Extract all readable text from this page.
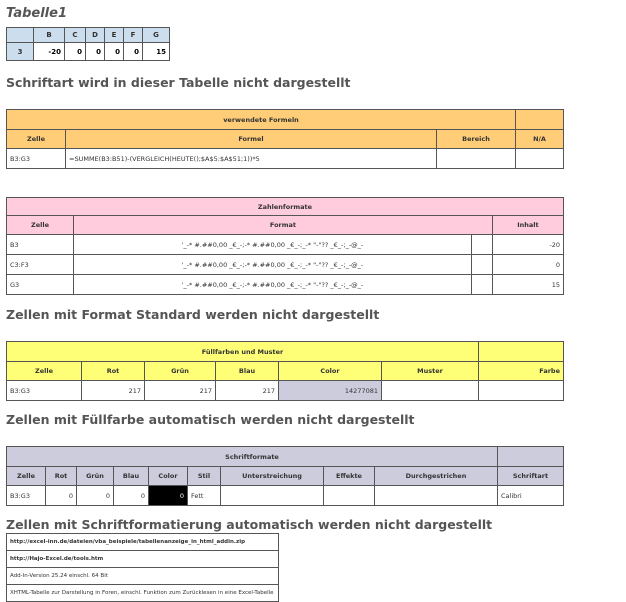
Tabelle1
	B	C	D	E	F	G
3	-20	0	0	0	0	15
Schriftart wird in dieser Tabelle nicht dargestellt
verwendete Formeln			
Zelle	Formel	Bereich	N/A
B3:G3	=SUMME(B3:B51)-(VERGLEICH(HEUTE();$A$5:$A$51;1))*5		
Zahlenformate			
Zelle	Format		Inhalt
B3	'_-* #.##0,00 _€_-;-* #.##0,00 _€_-;_-* "-"?? _€_-;_-@_-		-20
C3:F3	'_-* #.##0,00 _€_-;-* #.##0,00 _€_-;_-* "-"?? _€_-;_-@_-		0
G3	'_-* #.##0,00 _€_-;-* #.##0,00 _€_-;_-* "-"?? _€_-;_-@_-		15
Zellen mit Format Standard werden nicht dargestellt
Füllfarben und Muster						
Zelle	Rot	Grün	Blau	Color	Muster	Farbe
B3:G3	217	217	217	14277081		
Zellen mit Füllfarbe automatisch werden nicht dargestellt
Schriftformate									
Zelle	Rot	Grün	Blau	Color	Stil	Unterstreichung	Effekte	Durchgestrichen	Schriftart
B3:G3	0	0	0	0	Fett				Calibri
Zellen mit Schriftformatierung automatisch werden nicht dargestellt
http://excel-inn.de/dateien/vba_beispiele/tabellenanzeige_in_html_addin.zip
http://Hajo-Excel.de/tools.htm
Add-In-Version 25.24 einschl. 64 Bit
XHTML-Tabelle zur Darstellung in Foren, einschl. Funktion zum Zurücklesen in eine Excel-Tabelle
